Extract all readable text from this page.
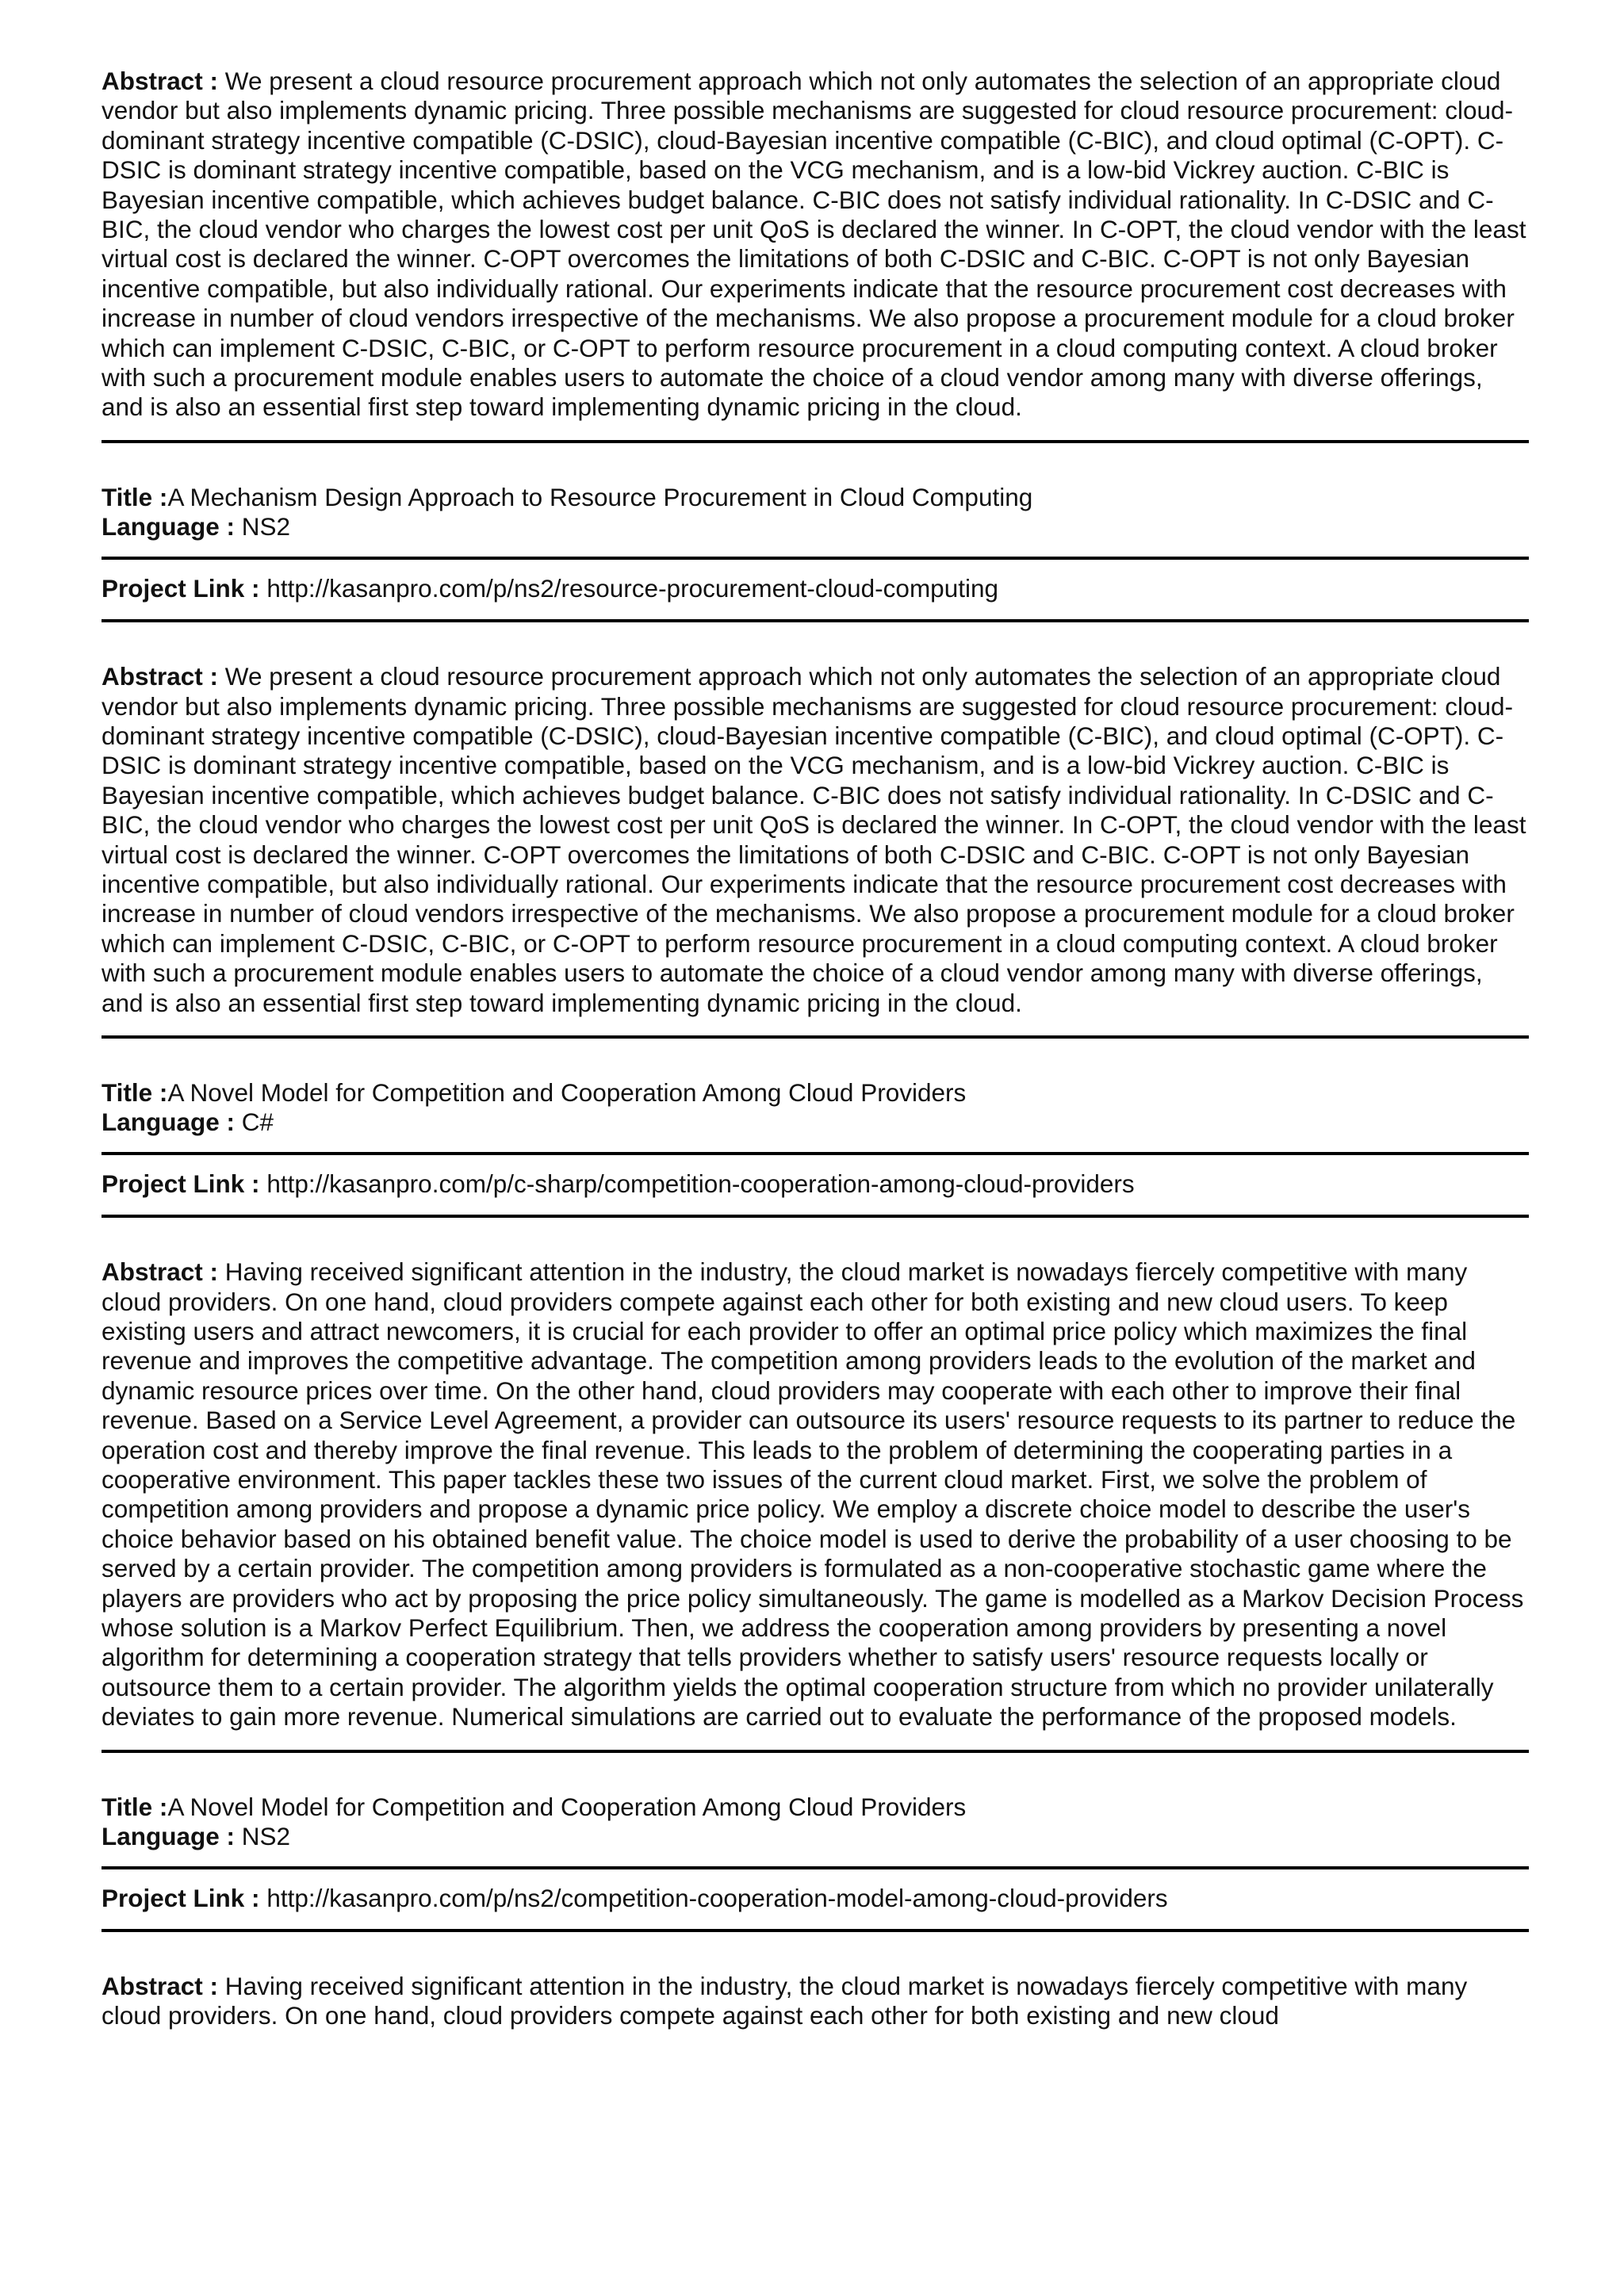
Abstract : We present a cloud resource procurement approach which not only automates the selection of an appropriate cloud vendor but also implements dynamic pricing. Three possible mechanisms are suggested for cloud resource procurement: cloud-dominant strategy incentive compatible (C-DSIC), cloud-Bayesian incentive compatible (C-BIC), and cloud optimal (C-OPT). C-DSIC is dominant strategy incentive compatible, based on the VCG mechanism, and is a low-bid Vickrey auction. C-BIC is Bayesian incentive compatible, which achieves budget balance. C-BIC does not satisfy individual rationality. In C-DSIC and C-BIC, the cloud vendor who charges the lowest cost per unit QoS is declared the winner. In C-OPT, the cloud vendor with the least virtual cost is declared the winner. C-OPT overcomes the limitations of both C-DSIC and C-BIC. C-OPT is not only Bayesian incentive compatible, but also individually rational. Our experiments indicate that the resource procurement cost decreases with increase in number of cloud vendors irrespective of the mechanisms. We also propose a procurement module for a cloud broker which can implement C-DSIC, C-BIC, or C-OPT to perform resource procurement in a cloud computing context. A cloud broker with such a procurement module enables users to automate the choice of a cloud vendor among many with diverse offerings, and is also an essential first step toward implementing dynamic pricing in the cloud.

Title :A Mechanism Design Approach to Resource Procurement in Cloud Computing

Language : NS2

Project Link : http://kasanpro.com/p/ns2/resource-procurement-cloud-computing

Abstract : We present a cloud resource procurement approach which not only automates the selection of an appropriate cloud vendor but also implements dynamic pricing. Three possible mechanisms are suggested for cloud resource procurement: cloud-dominant strategy incentive compatible (C-DSIC), cloud-Bayesian incentive compatible (C-BIC), and cloud optimal (C-OPT). C-DSIC is dominant strategy incentive compatible, based on the VCG mechanism, and is a low-bid Vickrey auction. C-BIC is Bayesian incentive compatible, which achieves budget balance. C-BIC does not satisfy individual rationality. In C-DSIC and C-BIC, the cloud vendor who charges the lowest cost per unit QoS is declared the winner. In C-OPT, the cloud vendor with the least virtual cost is declared the winner. C-OPT overcomes the limitations of both C-DSIC and C-BIC. C-OPT is not only Bayesian incentive compatible, but also individually rational. Our experiments indicate that the resource procurement cost decreases with increase in number of cloud vendors irrespective of the mechanisms. We also propose a procurement module for a cloud broker which can implement C-DSIC, C-BIC, or C-OPT to perform resource procurement in a cloud computing context. A cloud broker with such a procurement module enables users to automate the choice of a cloud vendor among many with diverse offerings, and is also an essential first step toward implementing dynamic pricing in the cloud.

Title :A Novel Model for Competition and Cooperation Among Cloud Providers

Language : C#

Project Link : http://kasanpro.com/p/c-sharp/competition-cooperation-among-cloud-providers

Abstract : Having received significant attention in the industry, the cloud market is nowadays fiercely competitive with many cloud providers. On one hand, cloud providers compete against each other for both existing and new cloud users. To keep existing users and attract newcomers, it is crucial for each provider to offer an optimal price policy which maximizes the final revenue and improves the competitive advantage. The competition among providers leads to the evolution of the market and dynamic resource prices over time. On the other hand, cloud providers may cooperate with each other to improve their final revenue. Based on a Service Level Agreement, a provider can outsource its users' resource requests to its partner to reduce the operation cost and thereby improve the final revenue. This leads to the problem of determining the cooperating parties in a cooperative environment. This paper tackles these two issues of the current cloud market. First, we solve the problem of competition among providers and propose a dynamic price policy. We employ a discrete choice model to describe the user's choice behavior based on his obtained benefit value. The choice model is used to derive the probability of a user choosing to be served by a certain provider. The competition among providers is formulated as a non-cooperative stochastic game where the players are providers who act by proposing the price policy simultaneously. The game is modelled as a Markov Decision Process whose solution is a Markov Perfect Equilibrium. Then, we address the cooperation among providers by presenting a novel algorithm for determining a cooperation strategy that tells providers whether to satisfy users' resource requests locally or outsource them to a certain provider. The algorithm yields the optimal cooperation structure from which no provider unilaterally deviates to gain more revenue. Numerical simulations are carried out to evaluate the performance of the proposed models.

Title :A Novel Model for Competition and Cooperation Among Cloud Providers

Language : NS2

Project Link : http://kasanpro.com/p/ns2/competition-cooperation-model-among-cloud-providers

Abstract : Having received significant attention in the industry, the cloud market is nowadays fiercely competitive with many cloud providers. On one hand, cloud providers compete against each other for both existing and new cloud
